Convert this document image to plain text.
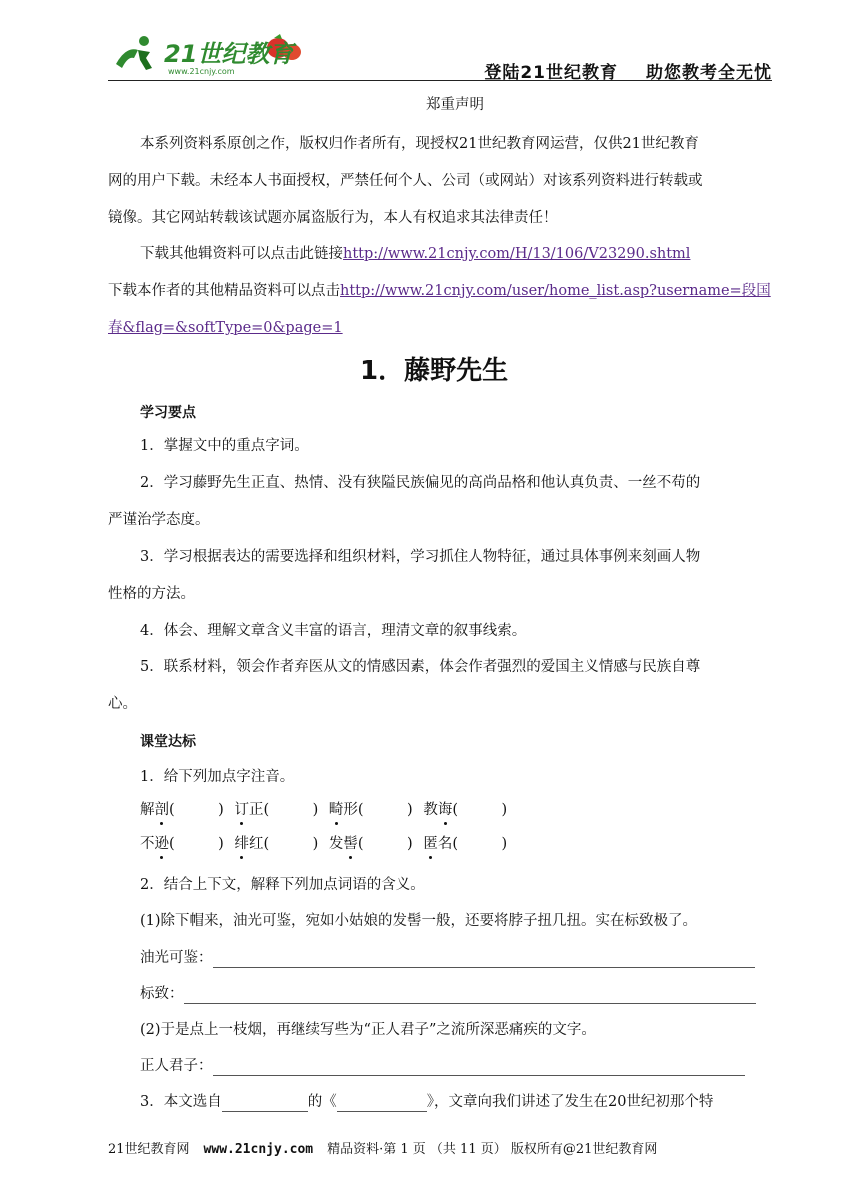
21世纪教育
www.21cnjy.com	登陆21世纪教育 助您教考全无忧
郑重声明
本系列资料系原创之作，版权归作者所有，现授权21世纪教育网运营，仅供21世纪教育
网的用户下载。未经本人书面授权，严禁任何个人、公司（或网站）对该系列资料进行转载或
镜像。其它网站转载该试题亦属盗版行为，本人有权追求其法律责任！
下载其他辑资料可以点击此链接http://www.21cnjy.com/H/13/106/V23290.shtml
下载本作者的其他精品资料可以点击http://www.21cnjy.com/user/home_list.asp?username=段国
春&flag=&softType=0&page=1
1．藤野先生
学习要点
1．掌握文中的重点字词。
2．学习藤野先生正直、热情、没有狭隘民族偏见的高尚品格和他认真负责、一丝不苟的
严谨治学态度。
3．学习根据表达的需要选择和组织材料，学习抓住人物特征，通过具体事例来刻画人物
性格的方法。
4．体会、理解文章含义丰富的语言，理清文章的叙事线索。
5．联系材料，领会作者弃医从文的情感因素，体会作者强烈的爱国主义情感与民族自尊
心。
课堂达标
1．给下列加点字注音。
解剖(　　　) 订正(　　　) 畸形(　　　) 教诲(　　　)
不逊(　　　) 绯红(　　　) 发髻(　　　) 匿名(　　　)
2．结合上下文，解释下列加点词语的含义。
(1)除下帽来，油光可鉴，宛如小姑娘的发髻一般，还要将脖子扭几扭。实在标致极了。
油光可鉴：
标致：
(2)于是点上一枝烟，再继续写些为“正人君子”之流所深恶痛疾的文字。
正人君子：
3．本文选自	的《	》，文章向我们讲述了发生在20世纪初那个特
21世纪教育网 www.21cnjy.com 精品资料·第 1 页 （共 11 页） 版权所有@21世纪教育网
